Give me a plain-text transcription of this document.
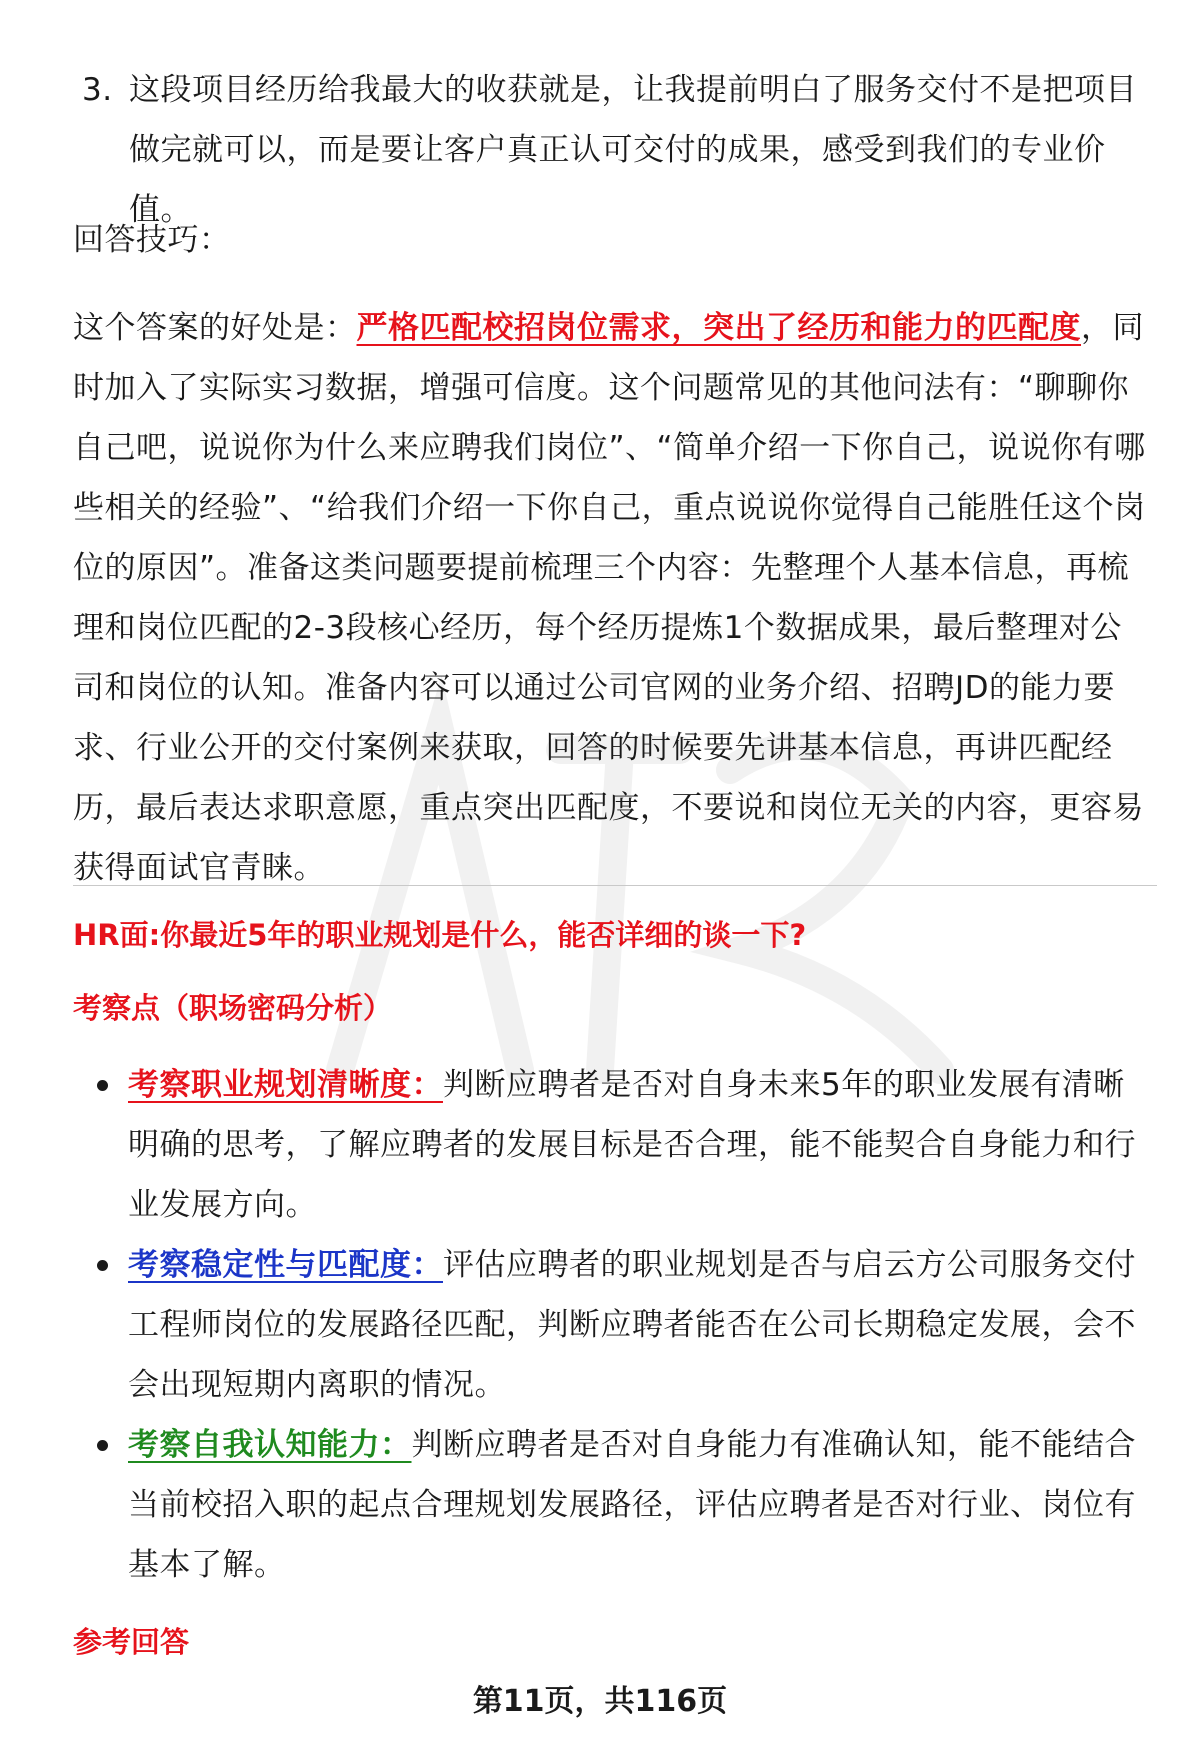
3. 这段项目经历给我最大的收获就是，让我提前明白了服务交付不是把项目做完就可以，而是要让客户真正认可交付的成果，感受到我们的专业价值。
回答技巧：
这个答案的好处是：严格匹配校招岗位需求，突出了经历和能力的匹配度，同时加入了实际实习数据，增强可信度。这个问题常见的其他问法有：“聊聊你自己吧，说说你为什么来应聘我们岗位”、“简单介绍一下你自己，说说你有哪些相关的经验”、“给我们介绍一下你自己，重点说说你觉得自己能胜任这个岗位的原因”。准备这类问题要提前梳理三个内容：先整理个人基本信息，再梳理和岗位匹配的2-3段核心经历，每个经历提炼1个数据成果，最后整理对公司和岗位的认知。准备内容可以通过公司官网的业务介绍、招聘JD的能力要求、行业公开的交付案例来获取，回答的时候要先讲基本信息，再讲匹配经历，最后表达求职意愿，重点突出匹配度，不要说和岗位无关的内容，更容易获得面试官青睐。
HR面:你最近5年的职业规划是什么，能否详细的谈一下?
考察点（职场密码分析）
考察职业规划清晰度：判断应聘者是否对自身未来5年的职业发展有清晰明确的思考，了解应聘者的发展目标是否合理，能不能契合自身能力和行业发展方向。
考察稳定性与匹配度：评估应聘者的职业规划是否与启云方公司服务交付工程师岗位的发展路径匹配，判断应聘者能否在公司长期稳定发展，会不会出现短期内离职的情况。
考察自我认知能力：判断应聘者是否对自身能力有准确认知，能不能结合当前校招入职的起点合理规划发展路径，评估应聘者是否对行业、岗位有基本了解。
参考回答
第11页，共116页
